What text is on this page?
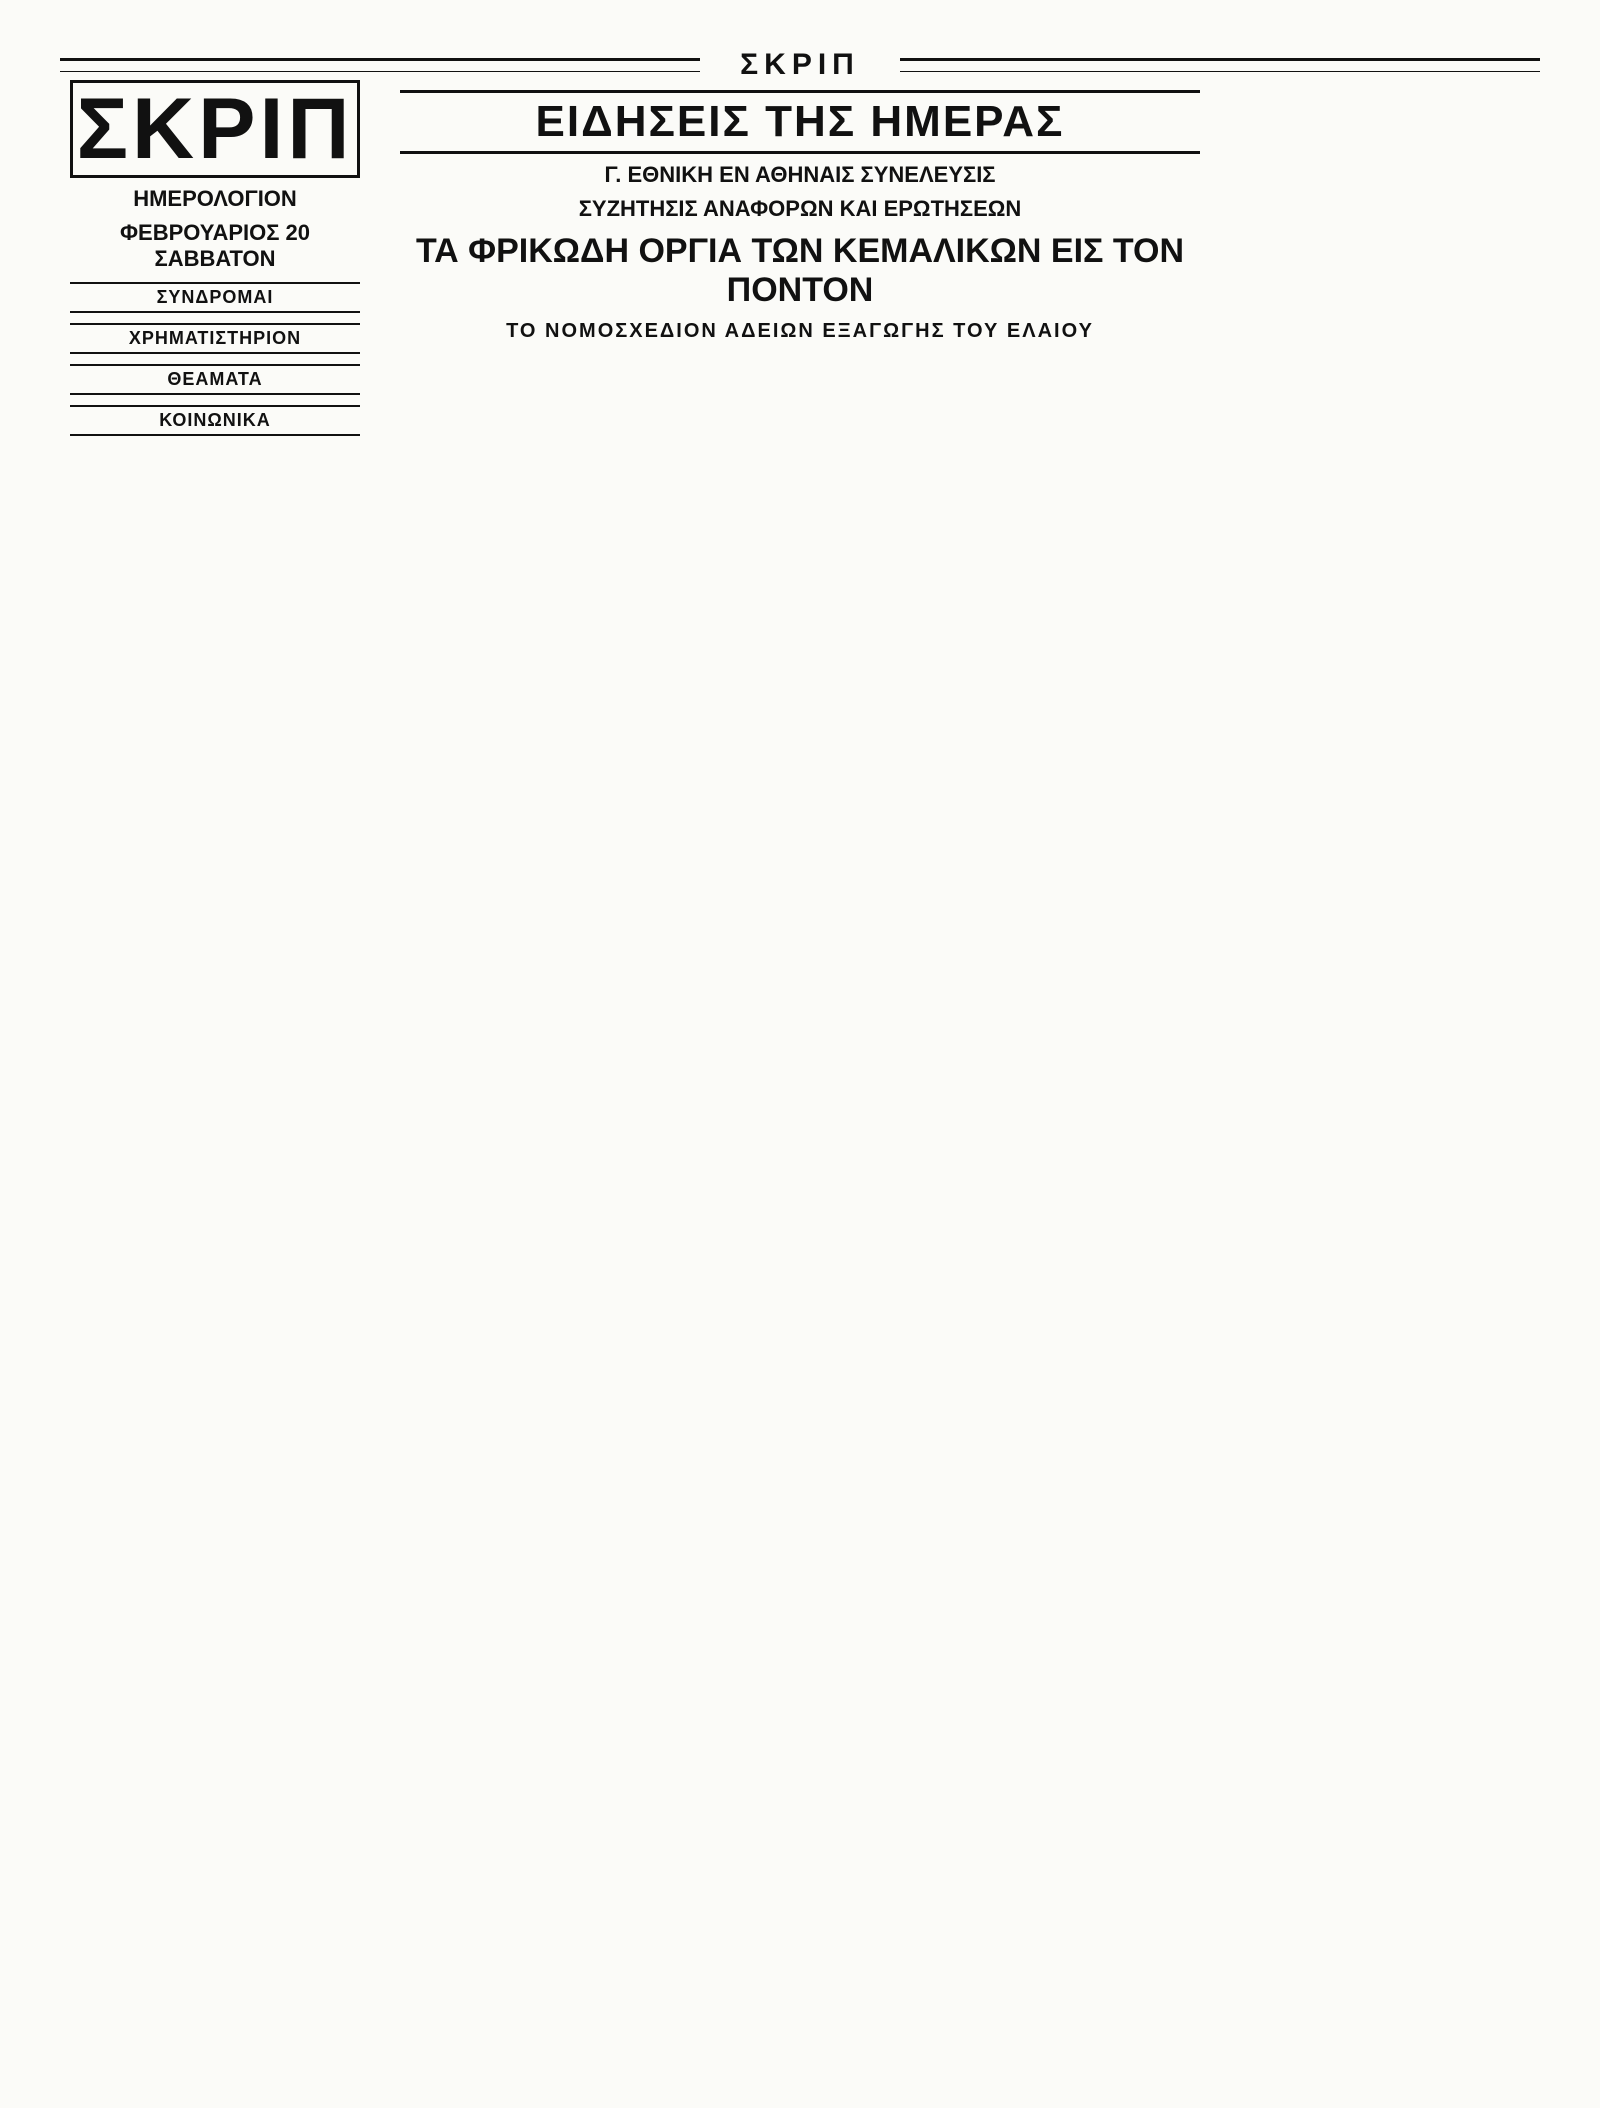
ΣΚΡΙΠ
ΣΚΡΙΠ
ΗΜΕΡΟΛΟΓΙΟΝ
ΦΕΒΡΟΥΑΡΙΟΣ 20 ΣΑΒΒΑΤΟΝ
ΣΥΝΔΡΟΜΑΙ
ΧΡΗΜΑΤΙΣΤΗΡΙΟΝ
ΘΕΑΜΑΤΑ
ΚΟΙΝΩΝΙΚΑ
ΕΙΔΗΣΕΙΣ ΤΗΣ ΗΜΕΡΑΣ
Γ. ΕΘΝΙΚΗ ΕΝ ΑΘΗΝΑΙΣ ΣΥΝΕΛΕΥΣΙΣ
ΣΥΖΗΤΗΣΙΣ ΑΝΑΦΟΡΩΝ ΚΑΙ ΕΡΩΤΗΣΕΩΝ
ΤΑ ΦΡΙΚΩΔΗ ΟΡΓΙΑ ΤΩΝ ΚΕΜΑΛΙΚΩΝ ΕΙΣ ΤΟΝ ΠΟΝΤΟΝ
ΤΟ ΝΟΜΟΣΧΕΔΙΟΝ ΑΔΕΙΩΝ ΕΞΑΓΩΓΗΣ ΤΟΥ ΕΛΑΙΟΥ
